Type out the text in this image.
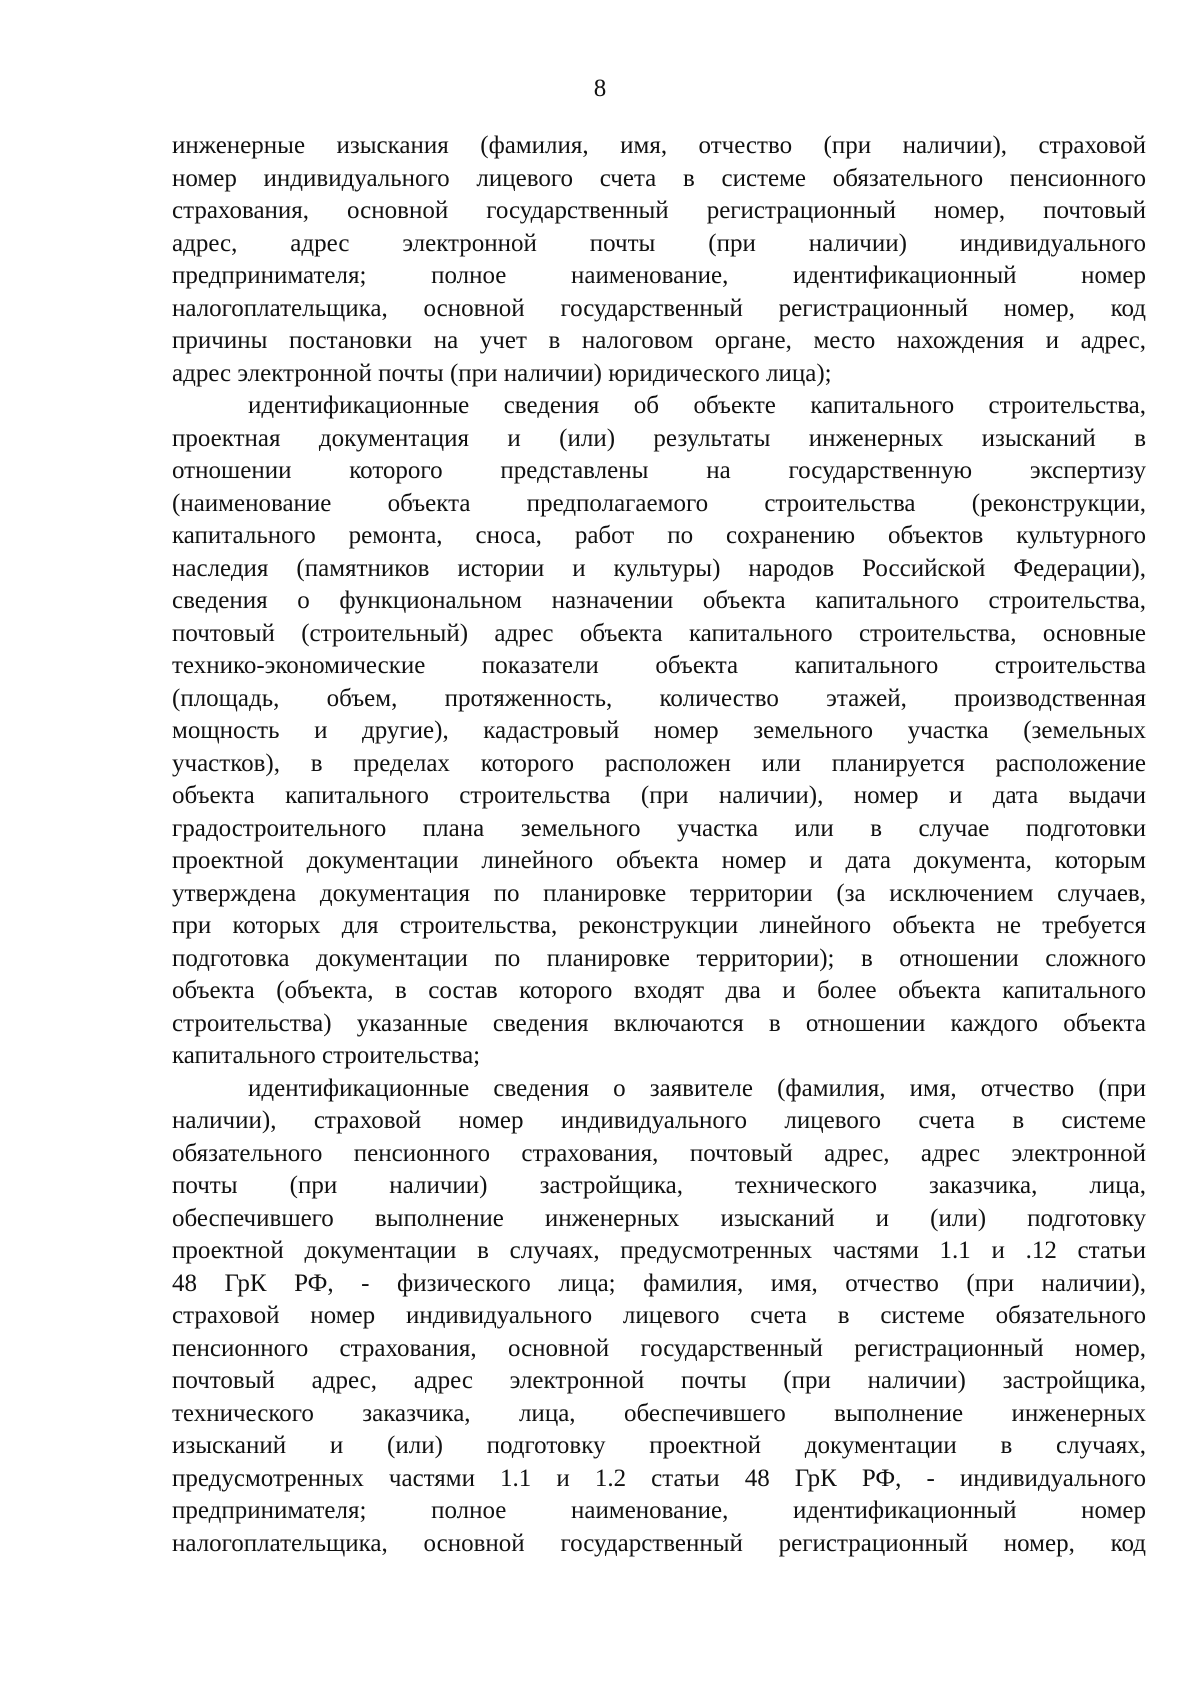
8
инженерные изыскания (фамилия, имя, отчество (при наличии), страховой
номер индивидуального лицевого счета в системе обязательного пенсионного
страхования, основной государственный регистрационный номер, почтовый
адрес, адрес электронной почты (при наличии) индивидуального
предпринимателя; полное наименование, идентификационный номер
налогоплательщика, основной государственный регистрационный номер, код
причины постановки на учет в налоговом органе, место нахождения и адрес,
адрес электронной почты (при наличии) юридического лица);
идентификационные сведения об объекте капитального строительства,
проектная документация и (или) результаты инженерных изысканий в
отношении которого представлены на государственную экспертизу
(наименование объекта предполагаемого строительства (реконструкции,
капитального ремонта, сноса, работ по сохранению объектов культурного
наследия (памятников истории и культуры) народов Российской Федерации),
сведения о функциональном назначении объекта капитального строительства,
почтовый (строительный) адрес объекта капитального строительства, основные
технико-экономические показатели объекта капитального строительства
(площадь, объем, протяженность, количество этажей, производственная
мощность и другие), кадастровый номер земельного участка (земельных
участков), в пределах которого расположен или планируется расположение
объекта капитального строительства (при наличии), номер и дата выдачи
градостроительного плана земельного участка или в случае подготовки
проектной документации линейного объекта номер и дата документа, которым
утверждена документация по планировке территории (за исключением случаев,
при которых для строительства, реконструкции линейного объекта не требуется
подготовка документации по планировке территории); в отношении сложного
объекта (объекта, в состав которого входят два и более объекта капитального
строительства) указанные сведения включаются в отношении каждого объекта
капитального строительства;
идентификационные сведения о заявителе (фамилия, имя, отчество (при
наличии), страховой номер индивидуального лицевого счета в системе
обязательного пенсионного страхования, почтовый адрес, адрес электронной
почты (при наличии) застройщика, технического заказчика, лица,
обеспечившего выполнение инженерных изысканий и (или) подготовку
проектной документации в случаях, предусмотренных частями 1.1 и .12 статьи
48 ГрК РФ, - физического лица; фамилия, имя, отчество (при наличии),
страховой номер индивидуального лицевого счета в системе обязательного
пенсионного страхования, основной государственный регистрационный номер,
почтовый адрес, адрес электронной почты (при наличии) застройщика,
технического заказчика, лица, обеспечившего выполнение инженерных
изысканий и (или) подготовку проектной документации в случаях,
предусмотренных частями 1.1 и 1.2 статьи 48 ГрК РФ, - индивидуального
предпринимателя; полное наименование, идентификационный номер
налогоплательщика, основной государственный регистрационный номер, код
